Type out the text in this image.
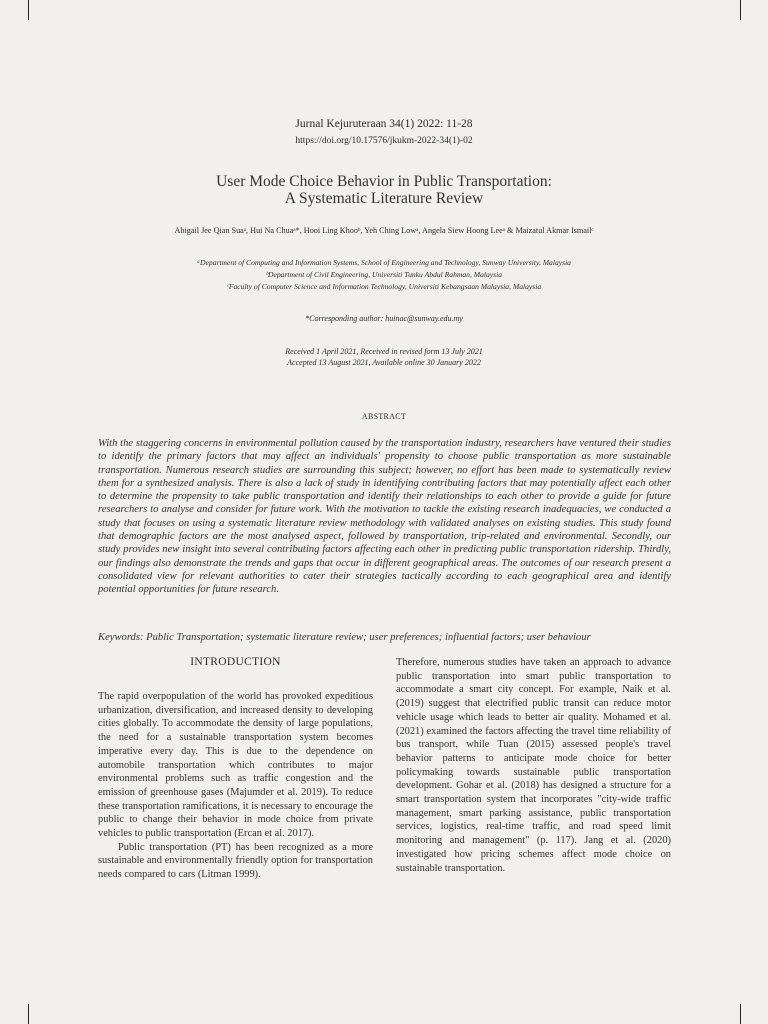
Jurnal Kejuruteraan 34(1) 2022: 11-28
https://doi.org/10.17576/jkukm-2022-34(1)-02
User Mode Choice Behavior in Public Transportation:
A Systematic Literature Review
Abigail Jee Qian Suaᵃ, Hui Na Chuaᵃ*, Hooi Ling Khooᵇ, Yeh Ching Lowᵃ, Angela Siew Hoong Leeᵃ & Maizatul Akmar Ismailᶜ
ᵃDepartment of Computing and Information Systems, School of Engineering and Technology, Sunway University, Malaysia
ᵇDepartment of Civil Engineering, Universiti Tunku Abdul Rahman, Malaysia
ᶜFaculty of Computer Science and Information Technology, Universiti Kebangsaan Malaysia, Malaysia
*Corresponding author: huinac@sunway.edu.my
Received 1 April 2021, Received in revised form 13 July 2021
Accepted 13 August 2021, Available online 30 January 2022
ABSTRACT

With the staggering concerns in environmental pollution caused by the transportation industry, researchers have ventured their studies to identify the primary factors that may affect an individuals' propensity to choose public transportation as more sustainable transportation. Numerous research studies are surrounding this subject; however, no effort has been made to systematically review them for a synthesized analysis. There is also a lack of study in identifying contributing factors that may potentially affect each other to determine the propensity to take public transportation and identify their relationships to each other to provide a guide for future researchers to analyse and consider for future work. With the motivation to tackle the existing research inadequacies, we conducted a study that focuses on using a systematic literature review methodology with validated analyses on existing studies. This study found that demographic factors are the most analysed aspect, followed by transportation, trip-related and environmental. Secondly, our study provides new insight into several contributing factors affecting each other in predicting public transportation ridership. Thirdly, our findings also demonstrate the trends and gaps that occur in different geographical areas. The outcomes of our research present a consolidated view for relevant authorities to cater their strategies tactically according to each geographical area and identify potential opportunities for future research.

Keywords: Public Transportation; systematic literature review; user preferences; influential factors; user behaviour
INTRODUCTION

The rapid overpopulation of the world has provoked expeditious urbanization, diversification, and increased density to developing cities globally. To accommodate the density of large populations, the need for a sustainable transportation system becomes imperative every day. This is due to the dependence on automobile transportation which contributes to major environmental problems such as traffic congestion and the emission of greenhouse gases (Majumder et al. 2019). To reduce these transportation ramifications, it is necessary to encourage the public to change their behavior in mode choice from private vehicles to public transportation (Ercan et al. 2017).

Public transportation (PT) has been recognized as a more sustainable and environmentally friendly option for transportation needs compared to cars (Litman 1999).

Therefore, numerous studies have taken an approach to advance public transportation into smart public transportation to accommodate a smart city concept. For example, Naik et al. (2019) suggest that electrified public transit can reduce motor vehicle usage which leads to better air quality. Mohamed et al. (2021) examined the factors affecting the travel time reliability of bus transport, while Tuan (2015) assessed people's travel behavior patterns to anticipate mode choice for better policymaking towards sustainable public transportation development. Gohar et al. (2018) has designed a structure for a smart transportation system that incorporates "city-wide traffic management, smart parking assistance, public transportation services, logistics, real-time traffic, and road speed limit monitoring and management" (p. 117). Jang et al. (2020) investigated how pricing schemes affect mode choice on sustainable transportation.
